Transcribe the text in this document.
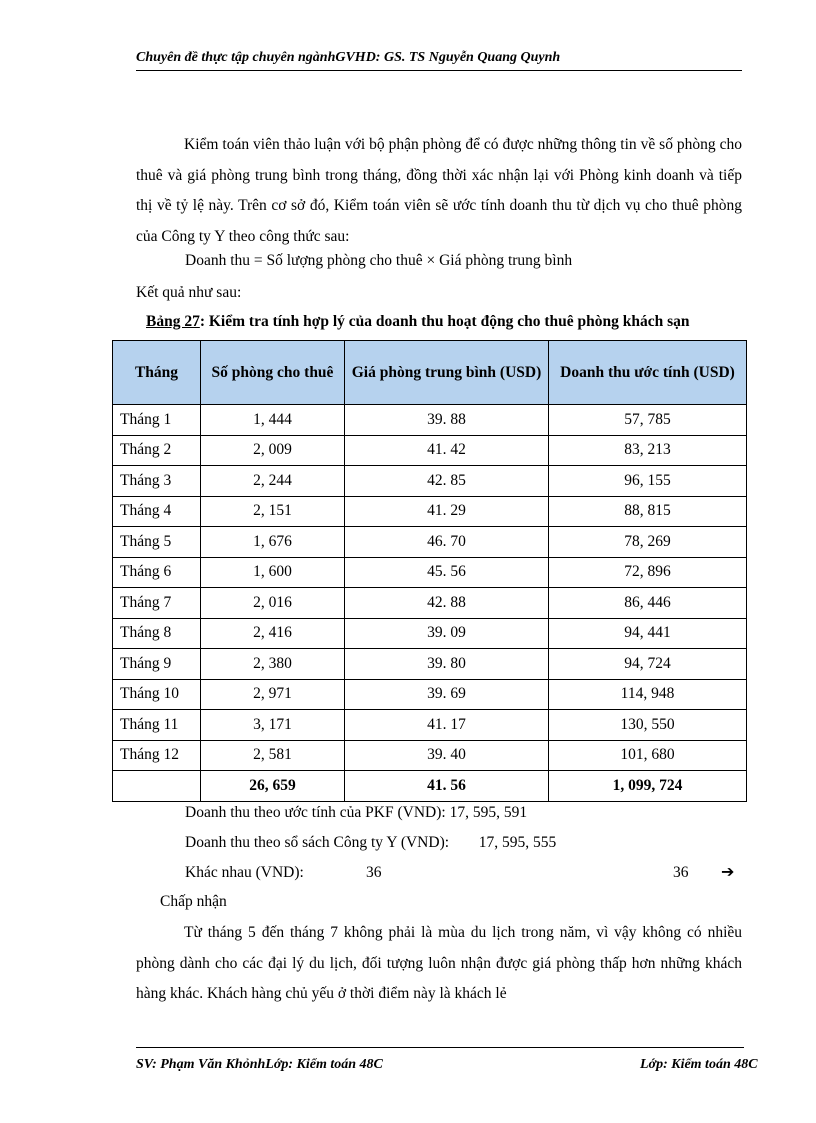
Chuyên đề thực tập chuyên ngànhGVHD: GS. TS Nguyễn Quang Quynh

Kiểm toán viên thảo luận với bộ phận phòng để có được những thông tin về số phòng cho thuê và giá phòng trung bình trong tháng, đồng thời xác nhận lại với Phòng kinh doanh và tiếp thị về tỷ lệ này. Trên cơ sở đó, Kiểm toán viên sẽ ước tính doanh thu từ dịch vụ cho thuê phòng của Công ty Y theo công thức sau:

Doanh thu = Số lượng phòng cho thuê × Giá phòng trung bình
Kết quả như sau:
Bảng 27: Kiểm tra tính hợp lý của doanh thu hoạt động cho thuê phòng khách sạn
Tháng	Số phòng cho thuê	Giá phòng trung bình (USD)	Doanh thu ước tính (USD)
Tháng 1	1, 444	39. 88	57, 785
Tháng 2	2, 009	41. 42	83, 213
Tháng 3	2, 244	42. 85	96, 155
Tháng 4	2, 151	41. 29	88, 815
Tháng 5	1, 676	46. 70	78, 269
Tháng 6	1, 600	45. 56	72, 896
Tháng 7	2, 016	42. 88	86, 446
Tháng 8	2, 416	39. 09	94, 441
Tháng 9	2, 380	39. 80	94, 724
Tháng 10	2, 971	39. 69	114, 948
Tháng 11	3, 171	41. 17	130, 550
Tháng 12	2, 581	39. 40	101, 680
	26, 659	41. 56	1, 099, 724
Doanh thu theo ước tính của PKF (VND): 17, 595, 591
Doanh thu theo sổ sách Công ty Y (VND): 17, 595, 555
Khác nhau (VND):	36	36 ➔
Chấp nhận

Từ tháng 5 đến tháng 7 không phải là mùa du lịch trong năm, vì vậy không có nhiều phòng dành cho các đại lý du lịch, đối tượng luôn nhận được giá phòng thấp hơn những khách hàng khác. Khách hàng chủ yếu ở thời điểm này là khách lẻ

SV: Phạm Văn KhỏnhLớp: Kiểm toán 48C	Lớp: Kiểm toán 48C
